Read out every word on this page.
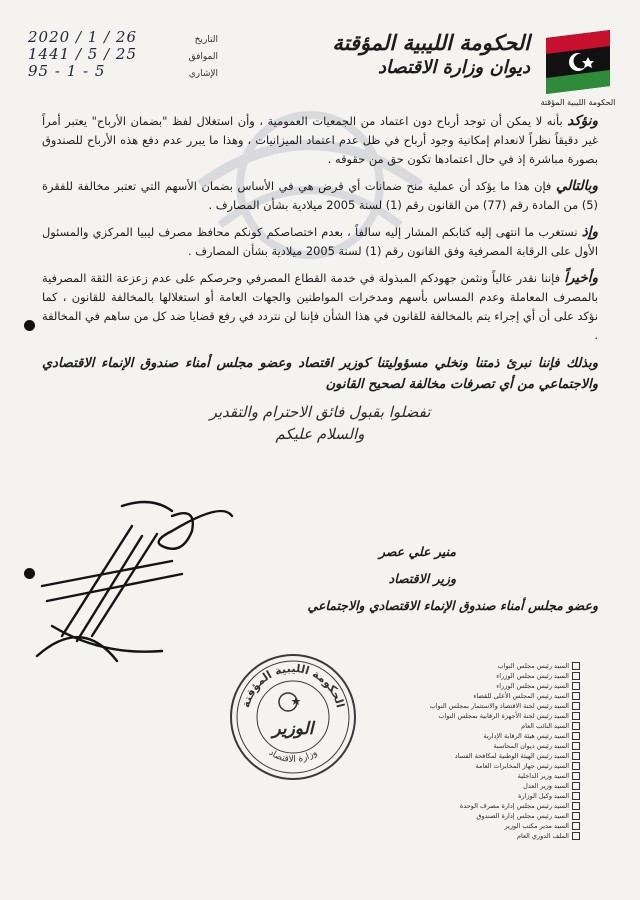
2020 / 1 / 26	التاريخ
1441 / 5 / 25	الموافق
95 - 1 - 5	الإشاري
الحكومة الليبية المؤقتة
ديوان وزارة الاقتصاد
الحكومة الليبية المؤقتة

ونؤكد بأنه لا يمكن أن توجد أرباح دون اعتماد من الجمعيات العمومية ، وأن استغلال لفظ "بضمان الأرباح" يعتبر أمراً غير دقيقاً نظراً لانعدام إمكانية وجود أرباح في ظل عدم اعتماد الميزانيات ، وهذا ما يبرر عدم دفع هذه الأرباح للصندوق بصورة مباشرة إذ في حال اعتمادها تكون حق من حقوقه .

وبالتالي فإن هذا ما يؤكد أن عملية منح ضمانات أي قرض هي في الأساس بضمان الأسهم التي تعتبر مخالفة للفقرة (5) من المادة رقم (77) من القانون رقم (1) لسنة 2005 ميلادية بشأن المصارف .

وإذ نستغرب ما انتهى إليه كتابكم المشار إليه سالفاً ، بعدم اختصاصكم كونكم محافظ مصرف ليبيا المركزي والمسئول الأول على الرقابة المصرفية وفق القانون رقم (1) لسنة 2005 ميلادية بشأن المصارف .

وأخيراً فإننا نقدر عالياً ونثمن جهودكم المبذولة في خدمة القطاع المصرفي وحرصكم على عدم زعزعة الثقة المصرفية بالمصرف المعاملة وعدم المساس بأسهم ومدخرات المواطنين والجهات العامة أو استغلالها بالمخالفة للقانون ، كما نؤكد على أن أي إجراء يتم بالمخالفة للقانون في هذا الشأن فإننا لن نتردد في رفع قضايا ضد كل من ساهم في المخالفة .

وبذلك فإننا نبرئ ذمتنا ونخلي مسؤوليتنا كوزير اقتصاد وعضو مجلس أمناء صندوق الإنماء الاقتصادي والاجتماعي من أي تصرفات مخالفة لصحيح القانون

تفضلوا بقبول فائق الاحترام والتقدير

والسلام عليكم

منير علي عصر
وزير الاقتصاد
وعضو مجلس أمناء صندوق الإنماء الاقتصادي والاجتماعي
الحكومة الليبية المؤقتة
وزارة الاقتصاد
الوزير
السيد رئيس مجلس النواب
السيد رئيس مجلس الوزراء
السيد رئيس مجلس الوزراء
السيد رئيس المجلس الأعلى للقضاء
السيد رئيس لجنة الاقتصاد والاستثمار بمجلس النواب
السيد رئيس لجنة الأجهزة الرقابية بمجلس النواب
السيد النائب العام
السيد رئيس هيئة الرقابة الإدارية
السيد رئيس ديوان المحاسبة
السيد رئيس الهيئة الوطنية لمكافحة الفساد
السيد رئيس جهاز المخابرات العامة
السيد وزير الداخلية
السيد وزير العدل
السيد وكيل الوزارة
السيد رئيس مجلس إدارة مصرف الوحدة
السيد رئيس مجلس إدارة الصندوق
السيد مدير مكتب الوزير
الملف الدوري العام
